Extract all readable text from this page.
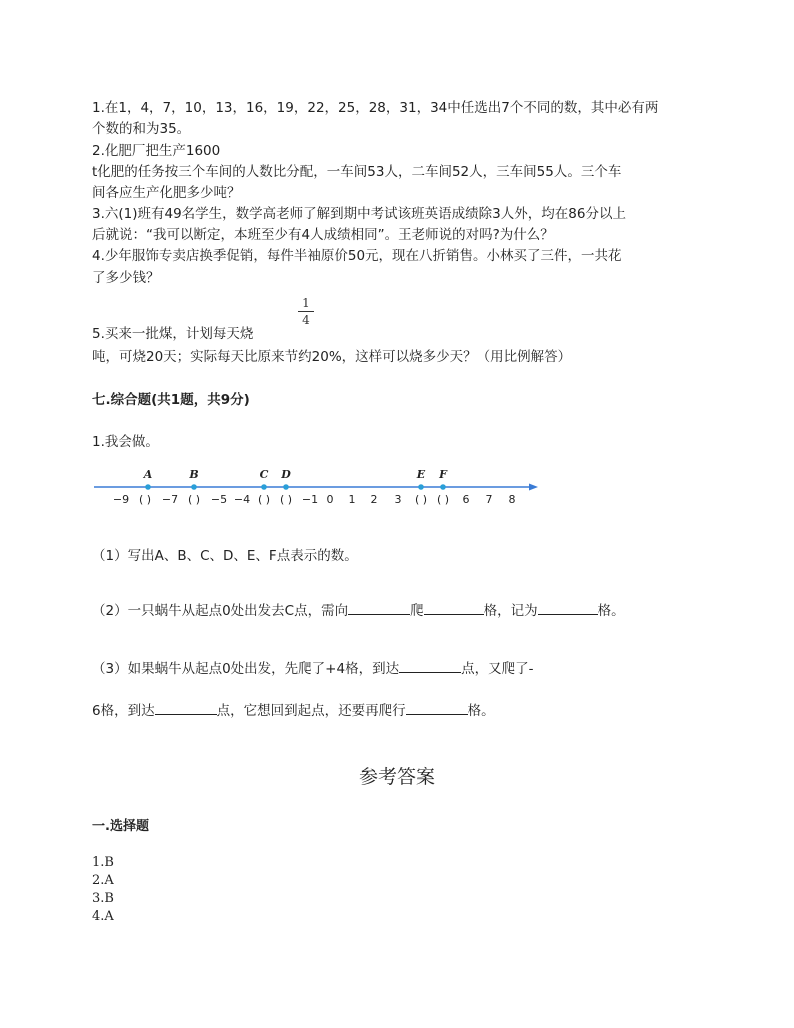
1.在1，4，7，10，13，16，19，22，25，28，31，34中任选出7个不同的数，其中必有两
个数的和为35。
2.化肥厂把生产1600
t化肥的任务按三个车间的人数比分配，一车间53人，二车间52人，三车间55人。三个车
间各应生产化肥多少吨？
3.六(1)班有49名学生，数学高老师了解到期中考试该班英语成绩除3人外，均在86分以上
后就说：“我可以断定，本班至少有4人成绩相同”。王老师说的对吗?为什么？
4.少年服饰专卖店换季促销，每件半袖原价50元，现在八折销售。小林买了三件，一共花
了多少钱？
1
4
5.买来一批煤，计划每天烧
吨，可烧20天；实际每天比原来节约20%，这样可以烧多少天？（用比例解答）
七.综合题(共1题，共9分)
1.我会做。
A	B	C D	E F
−9 ( ) −7 ( ) −5 −4 ( ) ( ) −1 0 1 2 3 ( ) ( ) 6 7 8
（1）写出A、B、C、D、E、F点表示的数。
（2）一只蜗牛从起点0处出发去C点，需向	爬	格，记为	格。
（3）如果蜗牛从起点0处出发，先爬了+4格，到达	点，又爬了-
6格，到达	点，它想回到起点，还要再爬行	格。
参考答案
一.选择题
1.B
2.A
3.B
4.A
